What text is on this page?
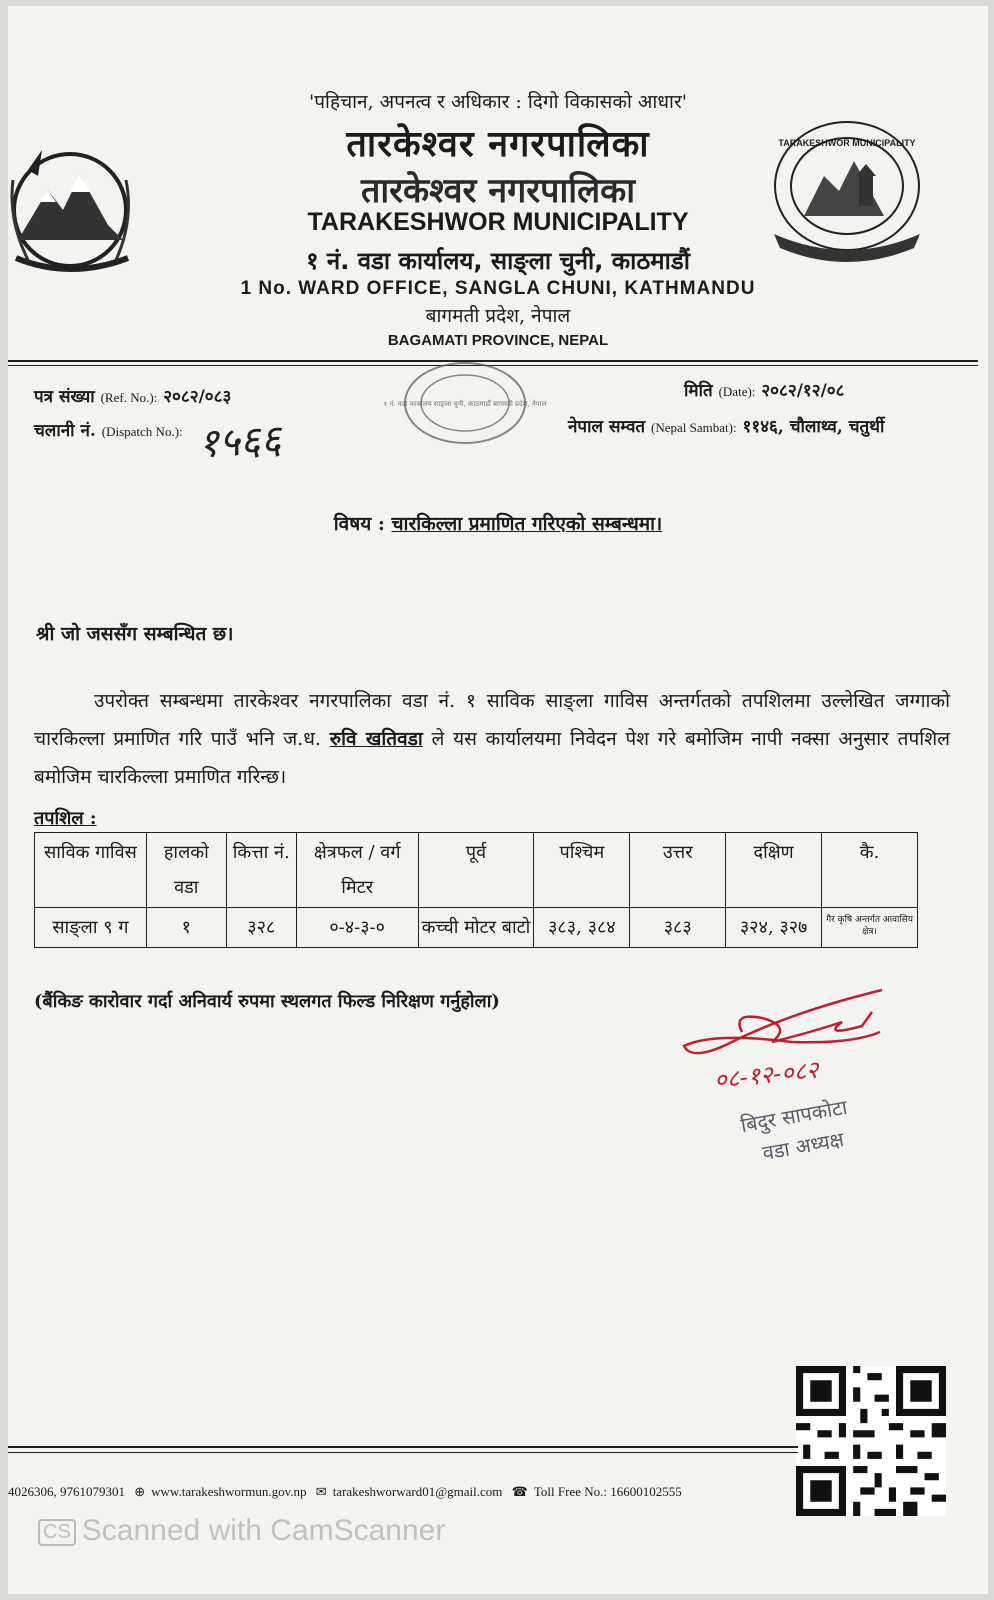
TARAKESHWOR MUNICIPALITY
'पहिचान, अपनत्व र अधिकार : दिगो विकासको आधार'
तारकेश्वर नगरपालिका
तारकेश्वर नगरपालिका
TARAKESHWOR MUNICIPALITY
१ नं. वडा कार्यालय, साङ्ला चुनी, काठमाडौं
1 No. WARD OFFICE, SANGLA CHUNI, KATHMANDU
बागमती प्रदेश, नेपाल
BAGAMATI PROVINCE, NEPAL
१ नं. वडा कार्यालय साङ्ला चुनी, काठमाडौं बागमती प्रदेश, नेपाल
पत्र संख्या (Ref. No.): २०८२/०८३
चलानी नं. (Dispatch No.): १५६६
मिति (Date): २०८२/१२/०८
नेपाल सम्वत (Nepal Sambat): ११४६, चौलाथ्व, चतुर्थी
विषय : चारकिल्ला प्रमाणित गरिएको सम्बन्धमा।
श्री जो जससँग सम्बन्धित छ।
उपरोक्त सम्बन्धमा तारकेश्वर नगरपालिका वडा नं. १ साविक साङ्ला गाविस अन्तर्गतको तपशिलमा उल्लेखित जग्गाको चारकिल्ला प्रमाणित गरि पाउँ भनि ज.ध. रुवि खतिवडा ले यस कार्यालयमा निवेदन पेश गरे बमोजिम नापी नक्सा अनुसार तपशिल बमोजिम चारकिल्ला प्रमाणित गरिन्छ।
तपशिल :
साविक गाविस	हालको वडा	कित्ता नं.	क्षेत्रफल / वर्ग मिटर	पूर्व	पश्चिम	उत्तर	दक्षिण	कै.
साङ्ला ९ ग	१	३२८	०-४-३-०	कच्ची मोटर बाटो	३८३, ३८४	३८३	३२४, ३२७	गैर कृषि अन्तर्गत आवासिय क्षेत्र।
(बैंकिङ कारोवार गर्दा अनिवार्य रुपमा स्थलगत फिल्ड निरिक्षण गर्नुहोला)
०८-१२-०८२
बिदुर सापकोटा
वडा अध्यक्ष
4026306, 9761079301 ⊕ www.tarakeshwormun.gov.np ✉ tarakeshworward01@gmail.com ☎ Toll Free No.: 16600102555
CS Scanned with CamScanner
